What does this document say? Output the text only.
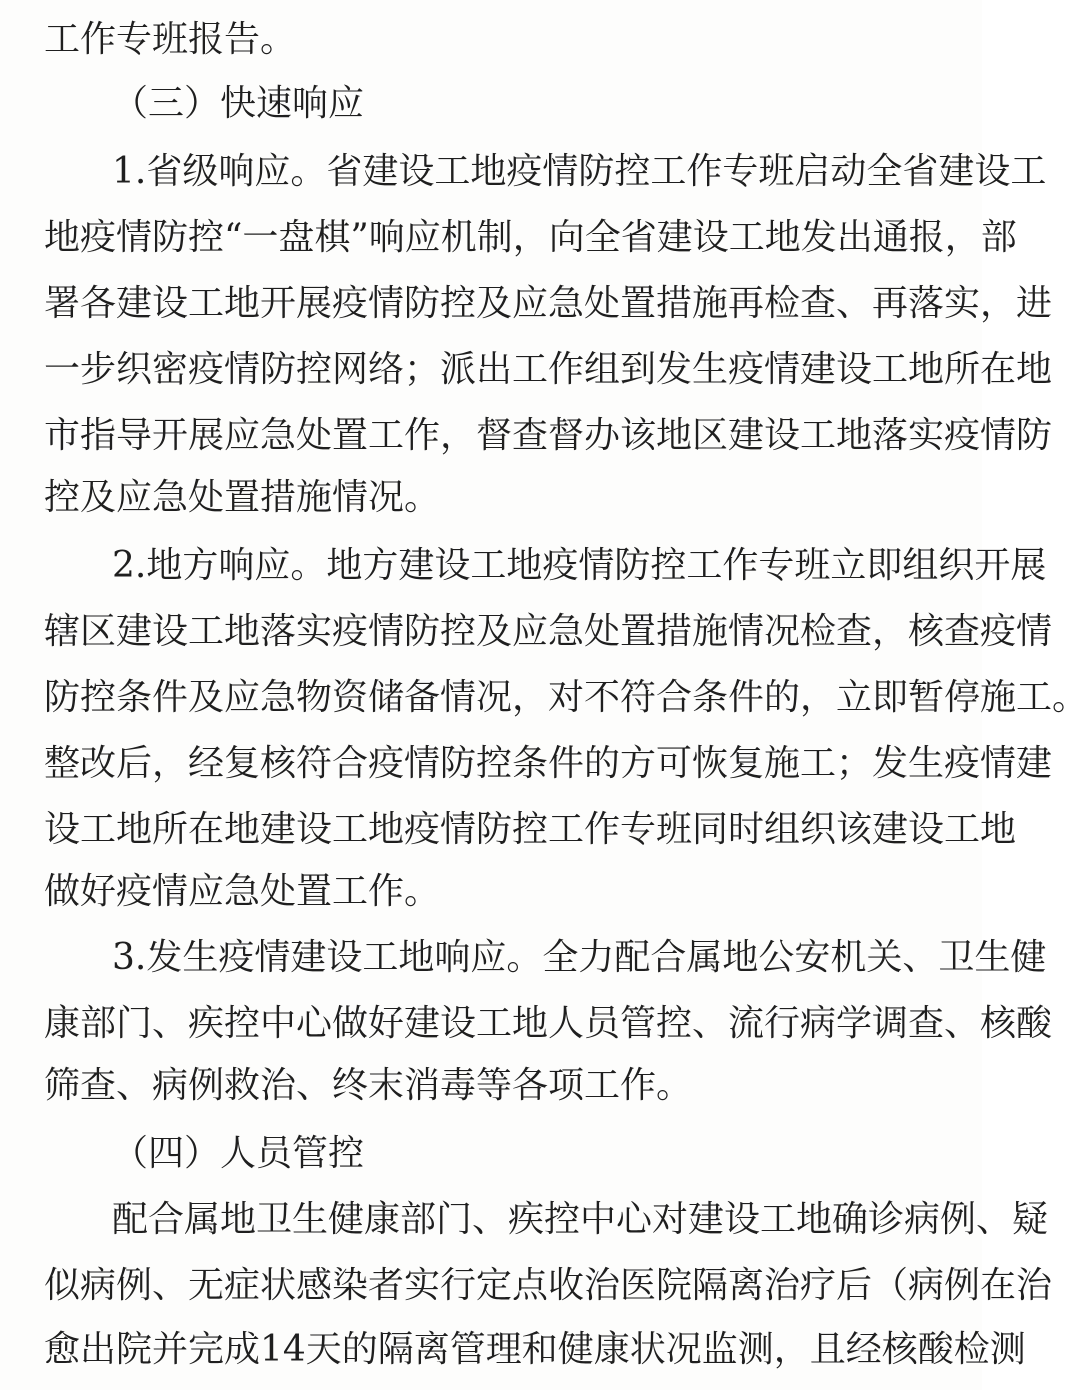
工作专班报告。
（三）快速响应
1.省级响应。省建设工地疫情防控工作专班启动全省建设工
地疫情防控“一盘棋”响应机制，向全省建设工地发出通报，部
署各建设工地开展疫情防控及应急处置措施再检查、再落实，进
一步织密疫情防控网络；派出工作组到发生疫情建设工地所在地
市指导开展应急处置工作，督查督办该地区建设工地落实疫情防
控及应急处置措施情况。
2.地方响应。地方建设工地疫情防控工作专班立即组织开展
辖区建设工地落实疫情防控及应急处置措施情况检查，核查疫情
防控条件及应急物资储备情况，对不符合条件的，立即暂停施工。
整改后，经复核符合疫情防控条件的方可恢复施工；发生疫情建
设工地所在地建设工地疫情防控工作专班同时组织该建设工地
做好疫情应急处置工作。
3.发生疫情建设工地响应。全力配合属地公安机关、卫生健
康部门、疾控中心做好建设工地人员管控、流行病学调查、核酸
筛查、病例救治、终末消毒等各项工作。
（四）人员管控
配合属地卫生健康部门、疾控中心对建设工地确诊病例、疑
似病例、无症状感染者实行定点收治医院隔离治疗后（病例在治
愈出院并完成14天的隔离管理和健康状况监测，且经核酸检测
